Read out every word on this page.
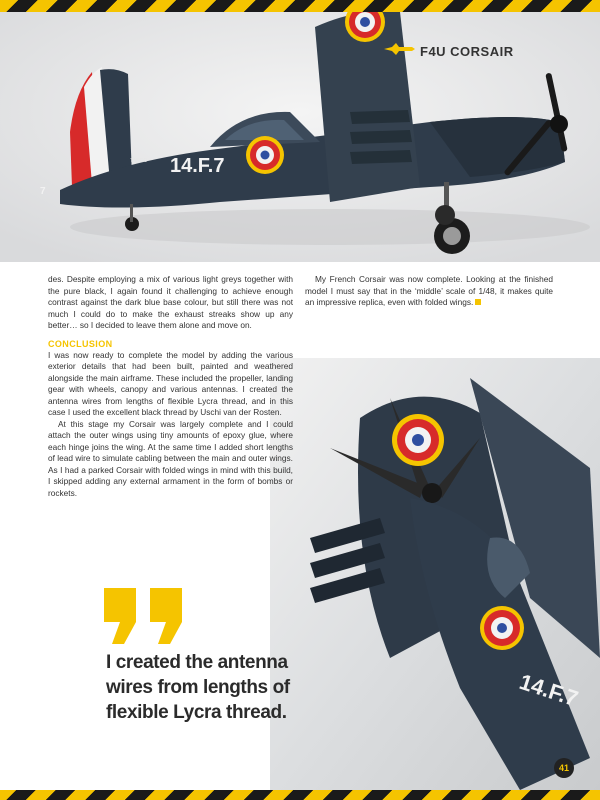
14.F.7
7
TANGO
F4U CORSAIR
14.F.7

des. Despite employing a mix of various light greys together with the pure black, I again found it challenging to achieve enough contrast against the dark blue base colour, but still there was not much I could do to make the exhaust streaks show up any better… so I decided to leave them alone and move on.

CONCLUSION

I was now ready to complete the model by adding the various exterior details that had been built, painted and weathered alongside the main airframe. These included the propeller, landing gear with wheels, canopy and various antennas. I created the antenna wires from lengths of flexible Lycra thread, and in this case I used the excellent black thread by Uschi van der Rosten.

At this stage my Corsair was largely complete and I could attach the outer wings using tiny amounts of epoxy glue, where each hinge joins the wing. At the same time I added short lengths of lead wire to simulate cabling between the main and outer wings. As I had a parked Corsair with folded wings in mind with this build, I skipped adding any external armament in the form of bombs or rockets.

My French Corsair was now complete. Looking at the finished model I must say that in the ‘middle’ scale of 1/48, it makes quite an impressive replica, even with folded wings.

I created the antenna
wires from lengths of
flexible Lycra thread.
41
